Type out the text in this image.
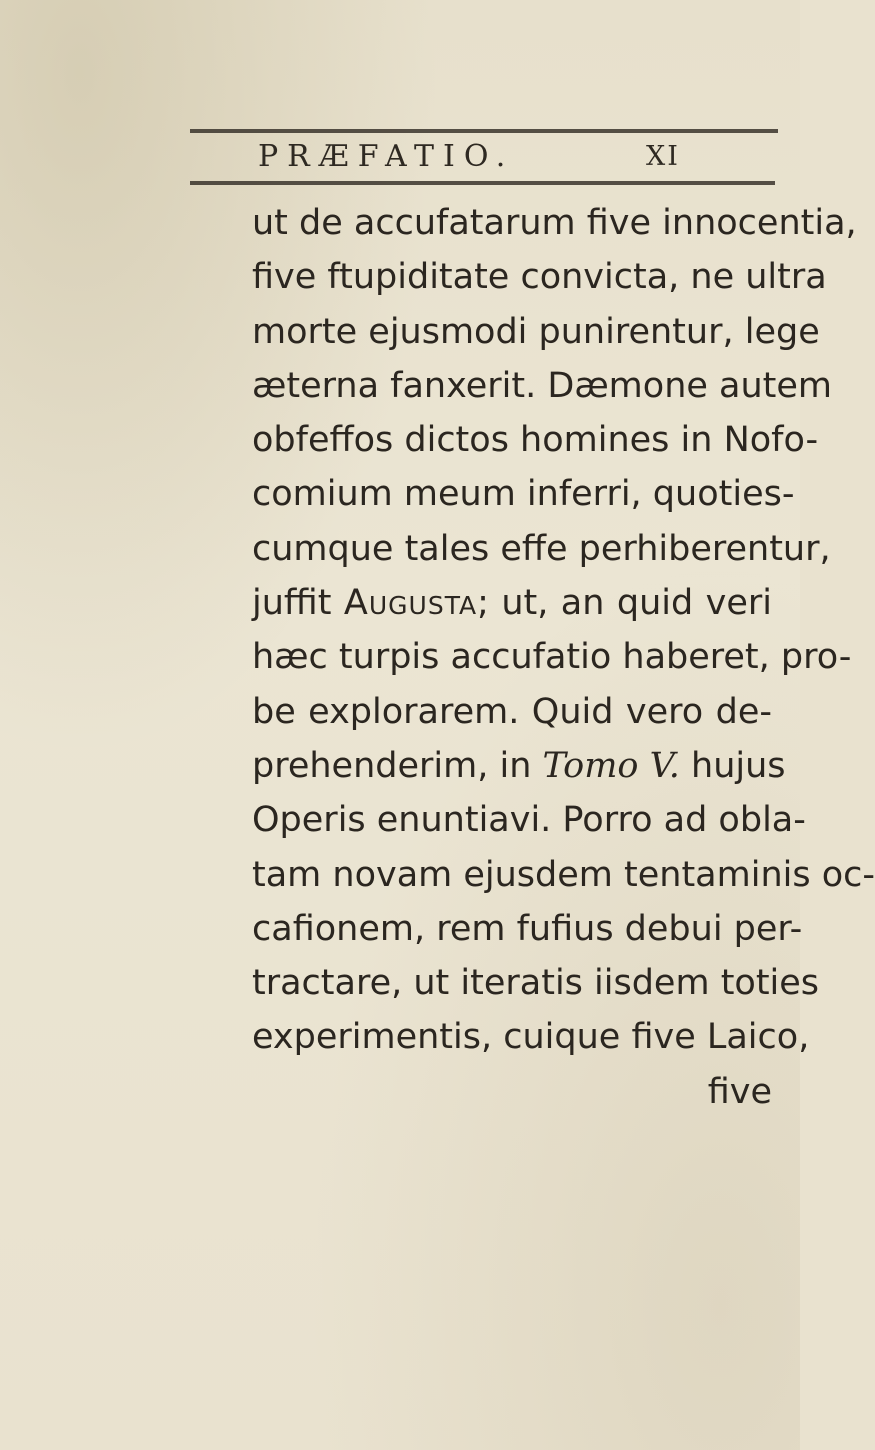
PRÆFATIO.	XI
ut de accufatarum five innocentia,
five ftupiditate convicta, ne ultra
morte ejusmodi punirentur, lege
æterna fanxerit. Dæmone autem
obfeffos dictos homines in Nofo-
comium meum inferri, quoties-
cumque tales effe perhiberentur,
juffit Augusta; ut, an quid veri
hæc turpis accufatio haberet, pro-
be explorarem. Quid vero de-
prehenderim, in Tomo V. hujus
Operis enuntiavi. Porro ad obla-
tam novam ejusdem tentaminis oc-
cafionem, rem fufius debui per-
tractare, ut iteratis iisdem toties
experimentis, cuique five Laico,
five
